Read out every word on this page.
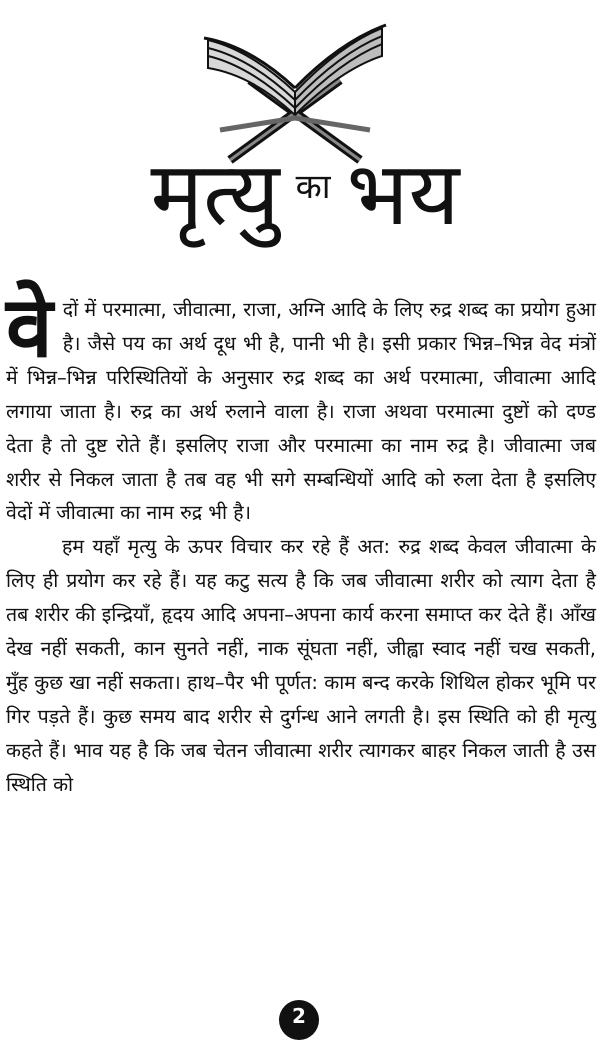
मृत्यु का भय

वे दों में परमात्मा, जीवात्मा, राजा, अग्नि आदि के लिए रुद्र शब्द का प्रयोग हुआ है। जैसे पय का अर्थ दूध भी है, पानी भी है। इसी प्रकार भिन्न–भिन्न वेद मंत्रों में भिन्न–भिन्न परिस्थितियों के अनुसार रुद्र शब्द का अर्थ परमात्मा, जीवात्मा आदि लगाया जाता है। रुद्र का अर्थ रुलाने वाला है। राजा अथवा परमात्मा दुष्टों को दण्ड देता है तो दुष्ट रोते हैं। इसलिए राजा और परमात्मा का नाम रुद्र है। जीवात्मा जब शरीर से निकल जाता है तब वह भी सगे सम्बन्धियों आदि को रुला देता है इसलिए वेदों में जीवात्मा का नाम रुद्र भी है।

हम यहाँ मृत्यु के ऊपर विचार कर रहे हैं अत: रुद्र शब्द केवल जीवात्मा के लिए ही प्रयोग कर रहे हैं। यह कटु सत्य है कि जब जीवात्मा शरीर को त्याग देता है तब शरीर की इन्द्रियाँ, हृदय आदि अपना–अपना कार्य करना समाप्त कर देते हैं। आँख देख नहीं सकती, कान सुनते नहीं, नाक सूंघता नहीं, जीह्वा स्वाद नहीं चख सकती, मुँह कुछ खा नहीं सकता। हाथ–पैर भी पूर्णत: काम बन्द करके शिथिल होकर भूमि पर गिर पड़ते हैं। कुछ समय बाद शरीर से दुर्गन्ध आने लगती है। इस स्थिति को ही मृत्यु कहते हैं। भाव यह है कि जब चेतन जीवात्मा शरीर त्यागकर बाहर निकल जाती है उस स्थिति को

2
